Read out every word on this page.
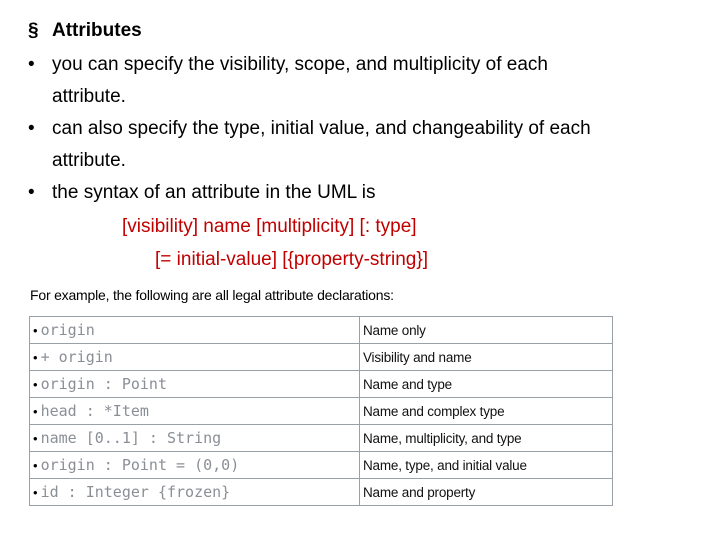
§ Attributes
• you can specify the visibility, scope, and multiplicity of each
attribute.
• can also specify the type, initial value, and changeability of each
attribute.
• the syntax of an attribute in the UML is
[visibility] name [multiplicity] [: type]
[= initial-value] [{property-string}]
For example, the following are all legal attribute declarations:
• origin	Name only
• + origin	Visibility and name
• origin : Point	Name and type
• head : *Item	Name and complex type
• name [0..1] : String	Name, multiplicity, and type
• origin : Point = (0,0)	Name, type, and initial value
• id : Integer {frozen}	Name and property
